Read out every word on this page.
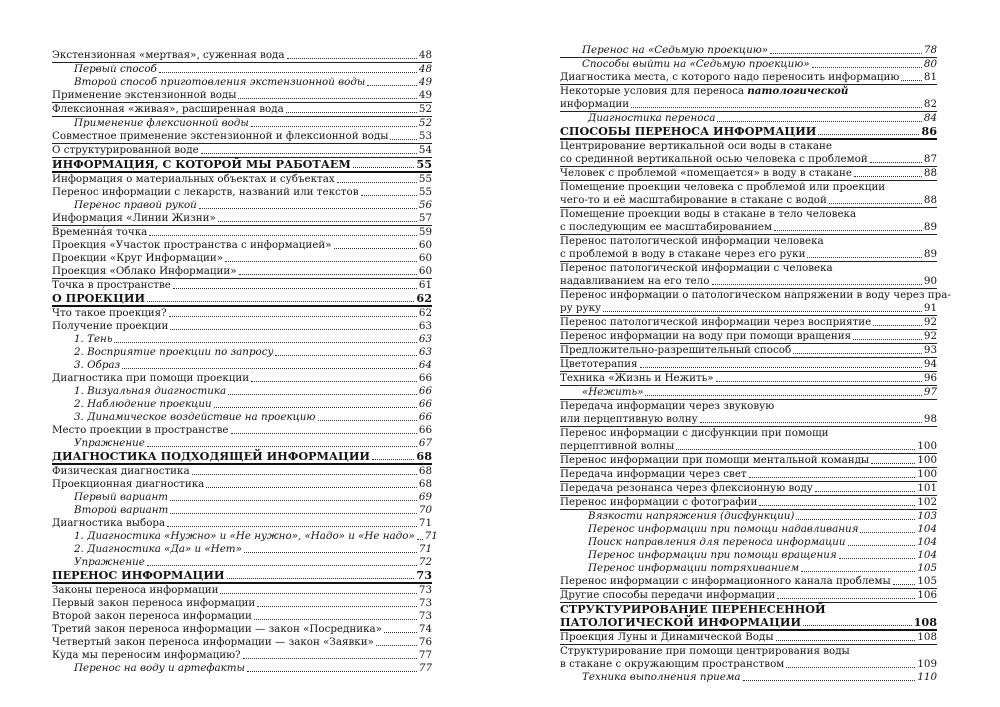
Экстензионная «мертвая», суженная вода	48
Первый способ	48
Второй способ приготовления экстензионной воды	49
Применение экстензионной воды	49
Флексионная «живая», расширенная вода	52
Применение флексионной воды	52
Совместное применение экстензионной и флексионной воды	53
О структурированной воде	54
ИНФОРМАЦИЯ, С КОТОРОЙ МЫ РАБОТАЕМ	55
Информация о материальных объектах и субъектах	55
Перенос информации с лекарств, названий или текстов	55
Перенос правой рукой	56
Информация «Линии Жизни»	57
Временна́я точка	59
Проекция «Участок пространства с информацией»	60
Проекции «Круг Информации»	60
Проекция «Облако Информации»	60
Точка в пространстве	61
О ПРОЕКЦИИ	62
Что такое проекция?	62
Получение проекции	63
1. Тень	63
2. Восприятие проекции по запросу	63
3. Образ	64
Диагностика при помощи проекции	66
1. Визуальная диагностика	66
2. Наблюдение проекции	66
3. Динамическое воздействие на проекцию	66
Место проекции в пространстве	66
Упражнение	67
ДИАГНОСТИКА ПОДХОДЯЩЕЙ ИНФОРМАЦИИ	68
Физическая диагностика	68
Проекционная диагностика	68
Первый вариант	69
Второй вариант	70
Диагностика выбора	71
1. Диагностика «Нужно» и «Не нужно», «Надо» и «Не надо» 71
2. Диагностика «Да» и «Нет»	71
Упражнение	72
ПЕРЕНОС ИНФОРМАЦИИ	73
Законы переноса информации	73
Первый закон переноса информации	73
Второй закон переноса информации	73
Третий закон переноса информации — закон «Посредника»	74
Четвертый закон переноса информации — закон «Заявки»	76
Куда мы переносим информацию?	77
Перенос на воду и артефакты	77
Перенос на «Седьмую проекцию»	78
Способы выйти на «Седьмую проекцию»	80
Диагностика места, с которого надо переносить информацию 81
Некоторые условия для переноса патологической
информации	82
Диагностика переноса	84
СПОСОБЫ ПЕРЕНОСА ИНФОРМАЦИИ	86
Центрирование вертикальной оси воды в стакане
со срединной вертикальной осью человека с проблемой	87
Человек с проблемой «помещается» в воду в стакане	88
Помещение проекции человека с проблемой или проекции
чего-то и её масштабирование в стакане с водой	88
Помещение проекции воды в стакане в тело человека
с последующим ее масштабированием	89
Перенос патологической информации человека
с проблемой в воду в стакане через его руки	89
Перенос патологической информации с человека
надавливанием на его тело	90
Перенос информации о патологическом напряжении в воду через пра-
ру руку	91
Перенос патологической информации через восприятие	92
Перенос информации на воду при помощи вращения	92
Предложительно-разрешительный способ	93
Цветотерапия	94
Техника «Жизнь и Нежить»	96
«Нежить»	97
Передача информации через звуковую
или перцептивную волну	98
Перенос информации с дисфункции при помощи
перцептивной волны	100
Перенос информации при помощи ментальной команды	100
Передача информации через свет	100
Передача резонанса через флексионную воду	101
Перенос информации с фотографии	102
Вязкости напряжения (дисфункции)	103
Перенос информации при помощи надавливания	104
Поиск направления для переноса информации	104
Перенос информации при помощи вращения	104
Перенос информации потряхиванием	105
Перенос информации с информационного канала проблемы	105
Другие способы передачи информации	106
СТРУКТУРИРОВАНИЕ ПЕРЕНЕСЕННОЙ
ПАТОЛОГИЧЕСКОЙ ИНФОРМАЦИИ	108
Проекция Луны и Динамической Воды	108
Структурирование при помощи центрирования воды
в стакане с окружающим пространством	109
Техника выполнения приема	110
